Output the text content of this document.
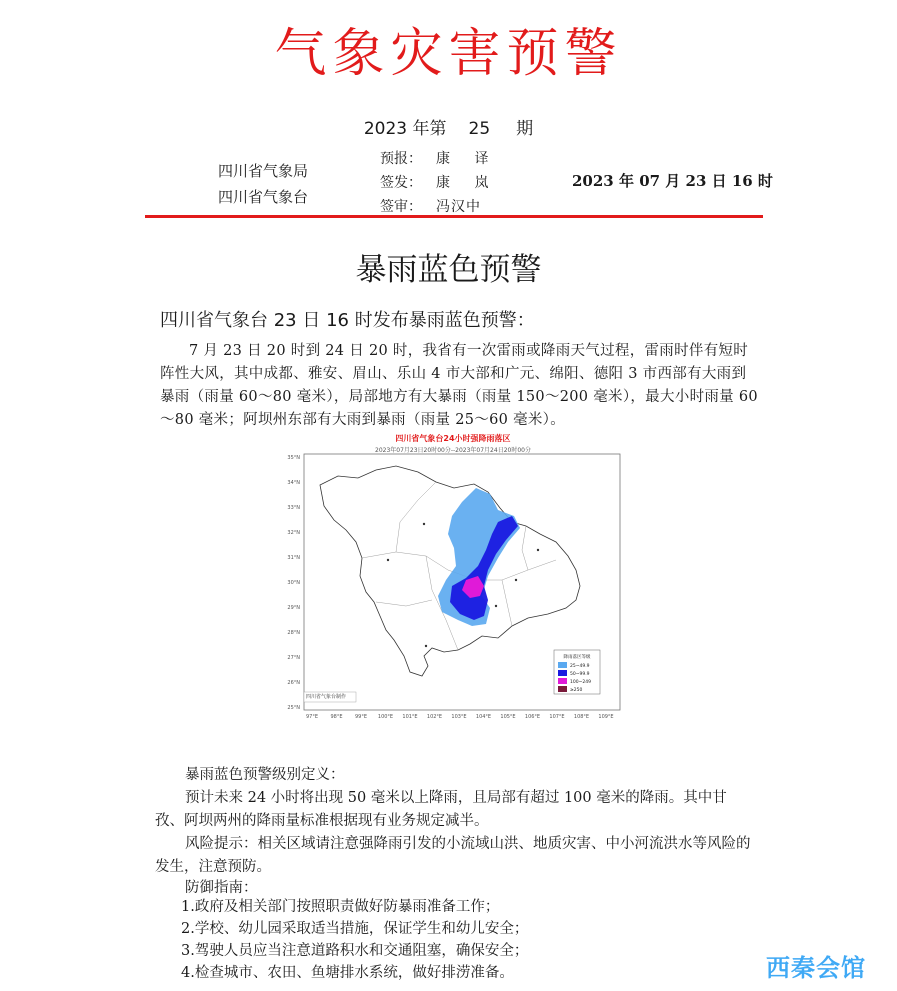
气象灾害预警
2023 年第 25 期
四川省气象局
四川省气象台
预报： 康 译
签发： 康 岚
签审： 冯汉中
2023 年 07 月 23 日 16 时
暴雨蓝色预警
四川省气象台 23 日 16 时发布暴雨蓝色预警：

7 月 23 日 20 时到 24 日 20 时，我省有一次雷雨或降雨天气过程，雷雨时伴有短时阵性大风，其中成都、雅安、眉山、乐山 4 市大部和广元、绵阳、德阳 3 市西部有大雨到暴雨（雨量 60～80 毫米），局部地方有大暴雨（雨量 150～200 毫米），最大小时雨量 60～80 毫米；阿坝州东部有大雨到暴雨（雨量 25～60 毫米）。

四川省气象台24小时强降雨落区
2023年07月23日20时00分--2023年07月24日20时00分
35°N
34°N
33°N
32°N
31°N
30°N
29°N
28°N
27°N
26°N
25°N
97°E 98°E 99°E 100°E 101°E 102°E 103°E 104°E 105°E 106°E 107°E 108°E 109°E
降雨落区等级
25~49.9
50~99.9
100~249
≥250
四川省气象台制作
暴雨蓝色预警级别定义：

预计未来 24 小时将出现 50 毫米以上降雨，且局部有超过 100 毫米的降雨。其中甘孜、阿坝两州的降雨量标准根据现有业务规定减半。

风险提示：相关区域请注意强降雨引发的小流域山洪、地质灾害、中小河流洪水等风险的发生，注意预防。

防御指南：
1.政府及相关部门按照职责做好防暴雨准备工作；
2.学校、幼儿园采取适当措施，保证学生和幼儿安全；
3.驾驶人员应当注意道路积水和交通阻塞，确保安全；
4.检查城市、农田、鱼塘排水系统，做好排涝准备。	西秦会馆
